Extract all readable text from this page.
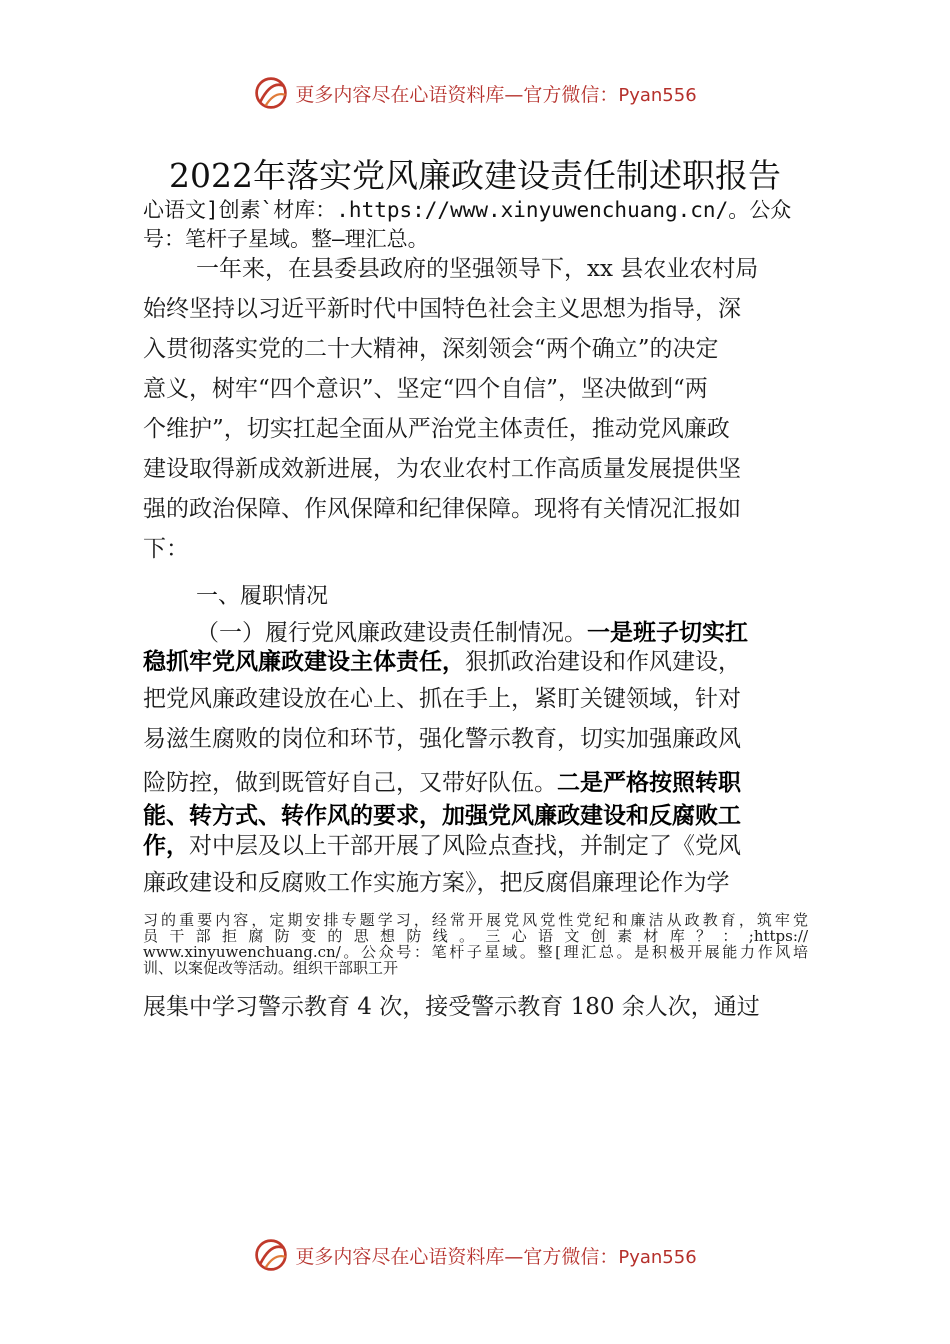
更多内容尽在心语资料库—官方微信：Pyan556
2022年落实党风廉政建设责任制述职报告
心语文]创素`材库：.https://www.xinyuwenchuang.cn/。公众
号：笔杆子星域。整—理汇总。
一年来，在县委县政府的坚强领导下，xx 县农业农村局
始终坚持以习近平新时代中国特色社会主义思想为指导，深
入贯彻落实党的二十大精神，深刻领会“两个确立”的决定
意义，树牢“四个意识”、坚定“四个自信”，坚决做到“两
个维护”，切实扛起全面从严治党主体责任，推动党风廉政
建设取得新成效新进展，为农业农村工作高质量发展提供坚
强的政治保障、作风保障和纪律保障。现将有关情况汇报如
下：
一、履职情况
（一）履行党风廉政建设责任制情况。一是班子切实扛
稳抓牢党风廉政建设主体责任，狠抓政治建设和作风建设，
把党风廉政建设放在心上、抓在手上，紧盯关键领域，针对
易滋生腐败的岗位和环节，强化警示教育，切实加强廉政风
险防控，做到既管好自己，又带好队伍。二是严格按照转职
能、转方式、转作风的要求，加强党风廉政建设和反腐败工
作，对中层及以上干部开展了风险点查找，并制定了《党风
廉政建设和反腐败工作实施方案》，把反腐倡廉理论作为学
习的重要内容，定期安排专题学习，经常开展党风党性党纪和廉洁从政教育，筑牢党
员 干 部 拒 腐 防 变 的 思 想 防 线 。 三 心 语 文 创 素 材 库 ？ ： ;https://
www.xinyuwenchuang.cn/。公众号：笔杆子星域。整[理汇总。是积极开展能力作风培
训、以案促改等活动。组织干部职工开
展集中学习警示教育 4 次，接受警示教育 180 余人次，通过
更多内容尽在心语资料库—官方微信：Pyan556
